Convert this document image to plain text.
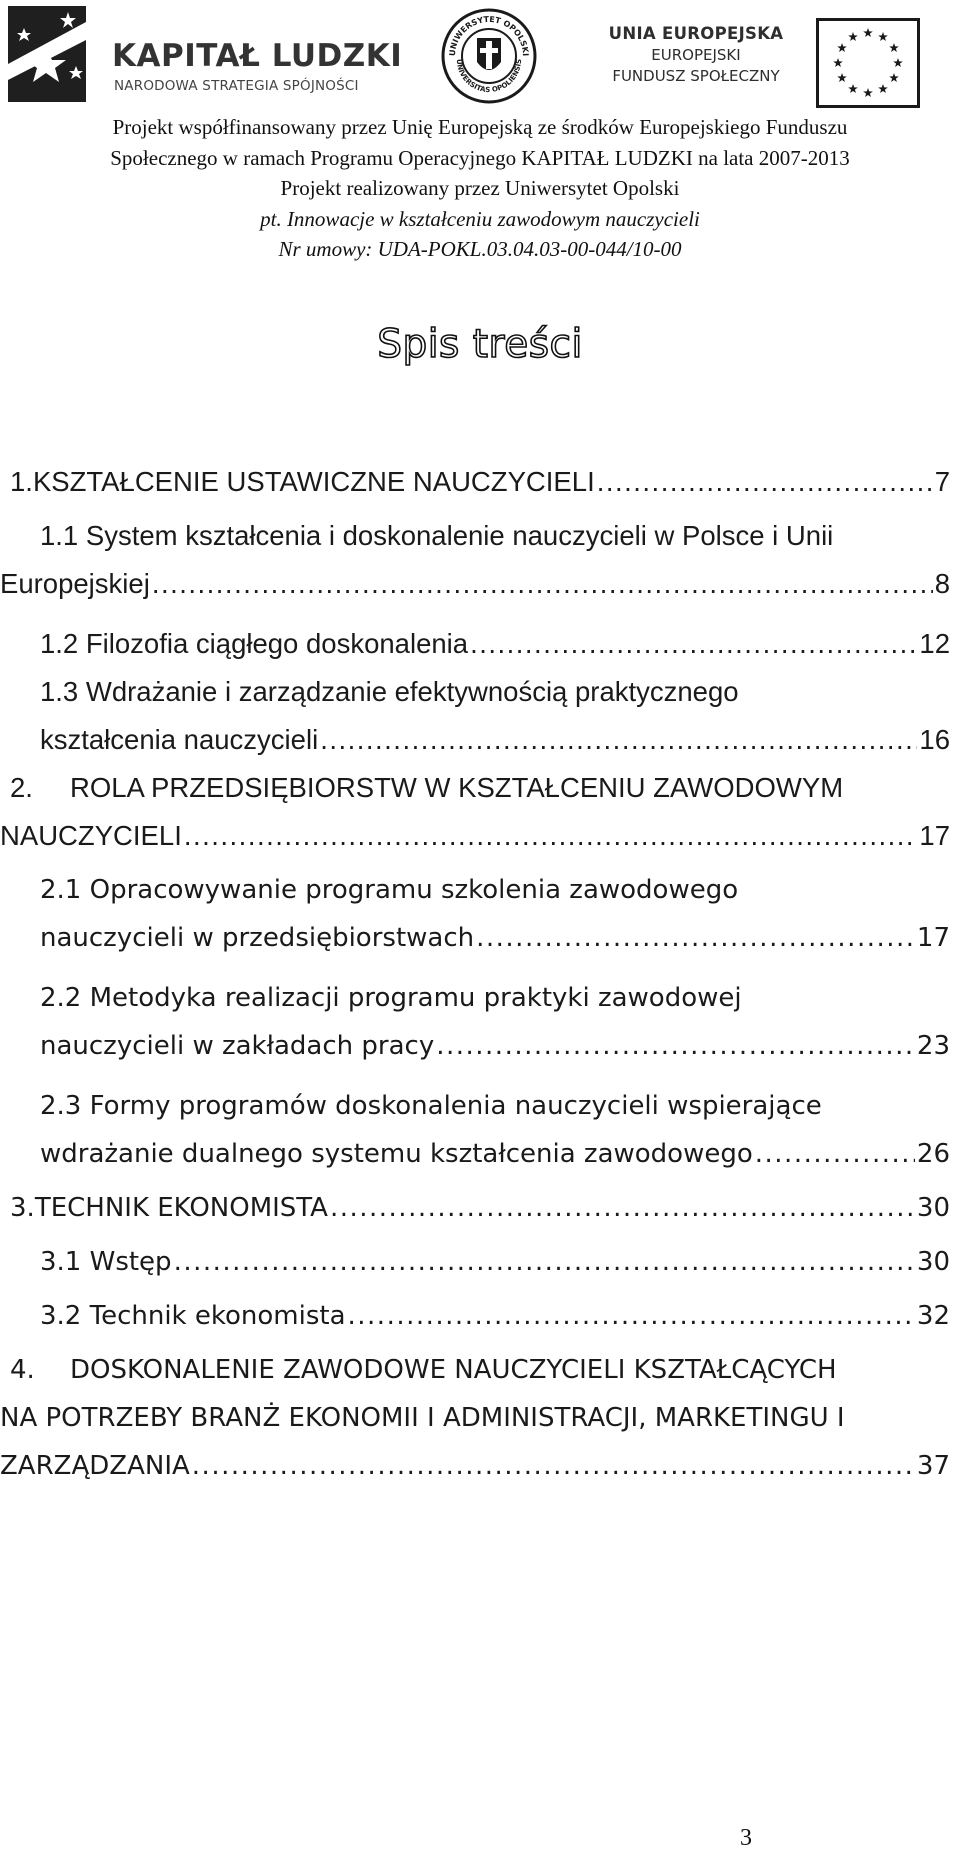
KAPITAŁ LUDZKI
NARODOWA STRATEGIA SPÓJNOŚCI
UNIWERSYTET OPOLSKI
UNIVERSITAS OPOLIENSIS
UNIA EUROPEJSKA
EUROPEJSKI
FUNDUSZ SPOŁECZNY
Projekt współfinansowany przez Unię Europejską ze środków Europejskiego Funduszu
Społecznego w ramach Programu Operacyjnego KAPITAŁ LUDZKI na lata 2007-2013
Projekt realizowany przez Uniwersytet Opolski
pt. Innowacje w kształceniu zawodowym nauczycieli
Nr umowy: UDA-POKL.03.04.03-00-044/10-00
Spis treści
1. KSZTAŁCENIE USTAWICZNE NAUCZYCIELI .....	7
1.1 System kształcenia i doskonalenie nauczycieli w Polsce i Unii
Europejskiej .....	8
1.2 Filozofia ciągłego doskonalenia .....	12
1.3 Wdrażanie i zarządzanie efektywnością praktycznego
kształcenia nauczycieli .....	16
2. ROLA PRZEDSIĘBIORSTW W KSZTAŁCENIU ZAWODOWYM
NAUCZYCIELI .....	17
2.1 Opracowywanie programu szkolenia zawodowego
nauczycieli w przedsiębiorstwach .....	17
2.2 Metodyka realizacji programu praktyki zawodowej
nauczycieli w zakładach pracy .....	23
2.3 Formy programów doskonalenia nauczycieli wspierające
wdrażanie dualnego systemu kształcenia zawodowego .....	26
3. TECHNIK EKONOMISTA .....	30
3.1 Wstęp .....	30
3.2 Technik ekonomista .....	32
4. DOSKONALENIE ZAWODOWE NAUCZYCIELI KSZTAŁCĄCYCH
NA POTRZEBY BRANŻ EKONOMII I ADMINISTRACJI, MARKETINGU I
ZARZĄDZANIA .....	37
3
